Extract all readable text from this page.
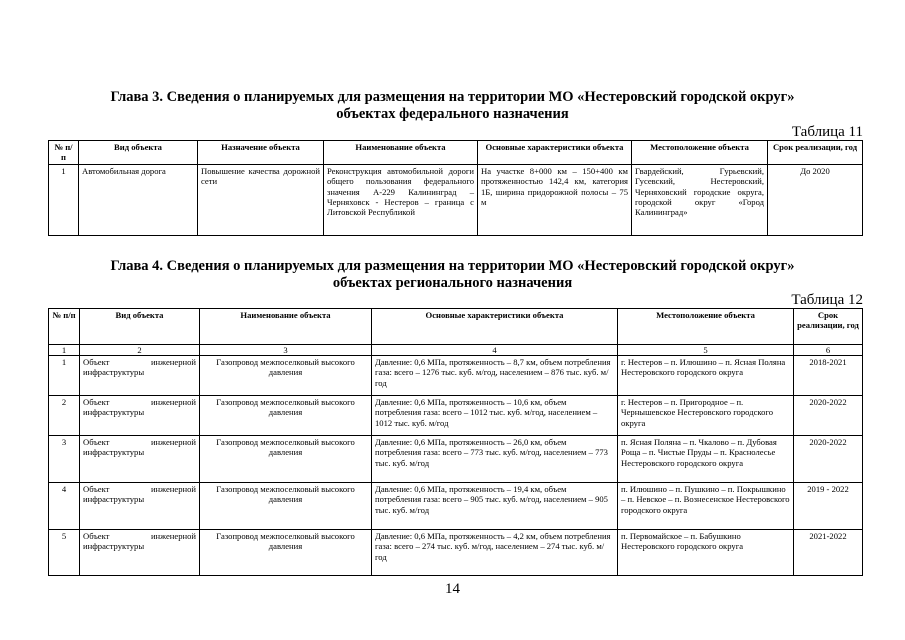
Глава 3. Сведения о планируемых для размещения на территории МО «Нестеровский городской округ»
объектах федерального назначения
Таблица 11
№ п/п	Вид объекта	Назначение объекта	Наименование объекта	Основные характеристики объекта	Местоположение объекта	Срок реализации, год
1	Автомобильная дорога	Повышение качества дорожной сети	Реконструкция автомобильной дороги общего пользования федерального значения А-229 Калининград – Черняховск - Нестеров – граница с Литовской Республикой	На участке 8+000 км – 150+400 км протяженностью 142,4 км, категория 1Б, ширина придорожной полосы – 75 м	Гвардейский, Гурьевский, Гусевский, Нестеровский, Черняховский городские округа, городской округ «Город Калининград»	До 2020
Глава 4. Сведения о планируемых для размещения на территории МО «Нестеровский городской округ»
объектах регионального назначения
Таблица 12
№ п/п	Вид объекта	Наименование объекта	Основные характеристики объекта	Местоположение объекта	Срок реализации, год
1	2	3	4	5	6
1	Объект инженерной инфраструктуры	Газопровод межпоселковый высокого давления	Давление: 0,6 МПа, протяженность – 8,7 км, объем потребления газа: всего – 1276 тыс. куб. м/год, населением – 876 тыс. куб. м/год	г. Нестеров – п. Илюшино – п. Ясная Поляна Нестеровского городского округа	2018-2021
2	Объект инженерной инфраструктуры	Газопровод межпоселковый высокого давления	Давление: 0,6 МПа, протяженность – 10,6 км, объем потребления газа: всего – 1012 тыс. куб. м/год, населением – 1012 тыс. куб. м/год	г. Нестеров – п. Пригородное – п. Чернышевское Нестеровского городского округа	2020-2022
3	Объект инженерной инфраструктуры	Газопровод межпоселковый высокого давления	Давление: 0,6 МПа, протяженность – 26,0 км, объем потребления газа: всего – 773 тыс. куб. м/год, населением – 773 тыс. куб. м/год	п. Ясная Поляна – п. Чкалово – п. Дубовая Роща – п. Чистые Пруды – п. Краснолесье Нестеровского городского округа	2020-2022
4	Объект инженерной инфраструктуры	Газопровод межпоселковый высокого давления	Давление: 0,6 МПа, протяженность – 19,4 км, объем потребления газа: всего – 905 тыс. куб. м/год, населением – 905 тыс. куб. м/год	п. Илюшино – п. Пушкино – п. Покрышкино – п. Невское – п. Вознесенское Нестеровского городского округа	2019 - 2022
5	Объект инженерной инфраструктуры	Газопровод межпоселковый высокого давления	Давление: 0,6 МПа, протяженность – 4,2 км, объем потребления газа: всего – 274 тыс. куб. м/год, населением – 274 тыс. куб. м/год	п. Первомайское – п. Бабушкино Нестеровского городского округа	2021-2022
14
